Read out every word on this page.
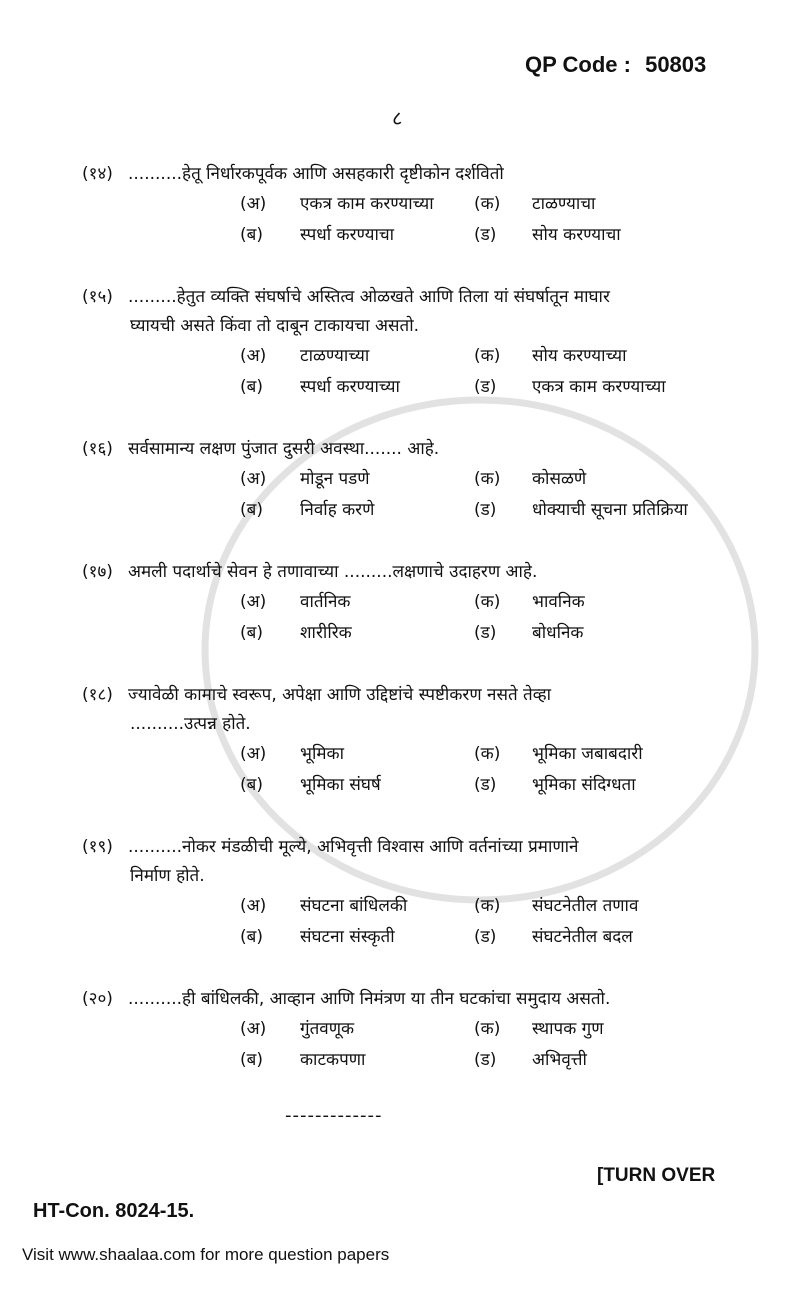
QP Code : 50803
८
(१४) ..........हेतू निर्धारकपूर्वक आणि असहकारी दृष्टीकोन दर्शवितो
(अ)	एकत्र काम करण्याच्या	(क)	टाळण्याचा
(ब)	स्पर्धा करण्याचा	(ड)	सोय करण्याचा
(१५) .........हेतुत व्यक्ति संघर्षाचे अस्तित्व ओळखते आणि तिला यां संघर्षातून माघार
घ्यायची असते किंवा तो दाबून टाकायचा असतो.
(अ)	टाळण्याच्या	(क)	सोय करण्याच्या
(ब)	स्पर्धा करण्याच्या	(ड)	एकत्र काम करण्याच्या
(१६) सर्वसामान्य लक्षण पुंजात दुसरी अवस्था....... आहे.
(अ)	मोडून पडणे	(क)	कोसळणे
(ब)	निर्वाह करणे	(ड)	धोक्याची सूचना प्रतिक्रिया
(१७) अमली पदार्थाचे सेवन हे तणावाच्या .........लक्षणाचे उदाहरण आहे.
(अ)	वार्तनिक	(क)	भावनिक
(ब)	शारीरिक	(ड)	बोधनिक
(१८) ज्यावेळी कामाचे स्वरूप, अपेक्षा आणि उद्दिष्टांचे स्पष्टीकरण नसते तेव्हा
..........उत्पन्न होते.
(अ)	भूमिका	(क)	भूमिका जबाबदारी
(ब)	भूमिका संघर्ष	(ड)	भूमिका संदिग्धता
(१९) ..........नोकर मंडळीची मूल्ये, अभिवृत्ती विश्वास आणि वर्तनांच्या प्रमाणाने
निर्माण होते.
(अ)	संघटना बांधिलकी	(क)	संघटनेतील तणाव
(ब)	संघटना संस्कृती	(ड)	संघटनेतील बदल
(२०) ..........ही बांधिलकी, आव्हान आणि निमंत्रण या तीन घटकांचा समुदाय असतो.
(अ)	गुंतवणूक	(क)	स्थापक गुण
(ब)	काटकपणा	(ड)	अभिवृत्ती
-------------
[TURN OVER
HT-Con. 8024-15.
Visit www.shaalaa.com for more question papers
